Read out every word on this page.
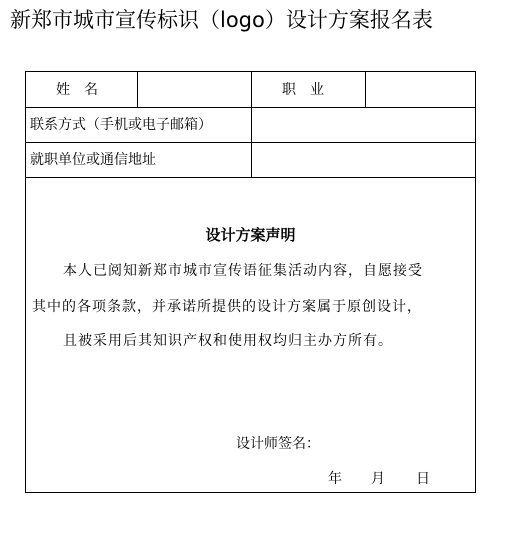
新郑市城市宣传标识（logo）设计方案报名表
姓　名	职　业
联系方式（手机或电子邮箱）
就职单位或通信地址
设计方案声明
本人已阅知新郑市城市宣传语征集活动内容，自愿接受
其中的各项条款，并承诺所提供的设计方案属于原创设计，
且被采用后其知识产权和使用权均归主办方所有。
设计师签名：
年 月 日
